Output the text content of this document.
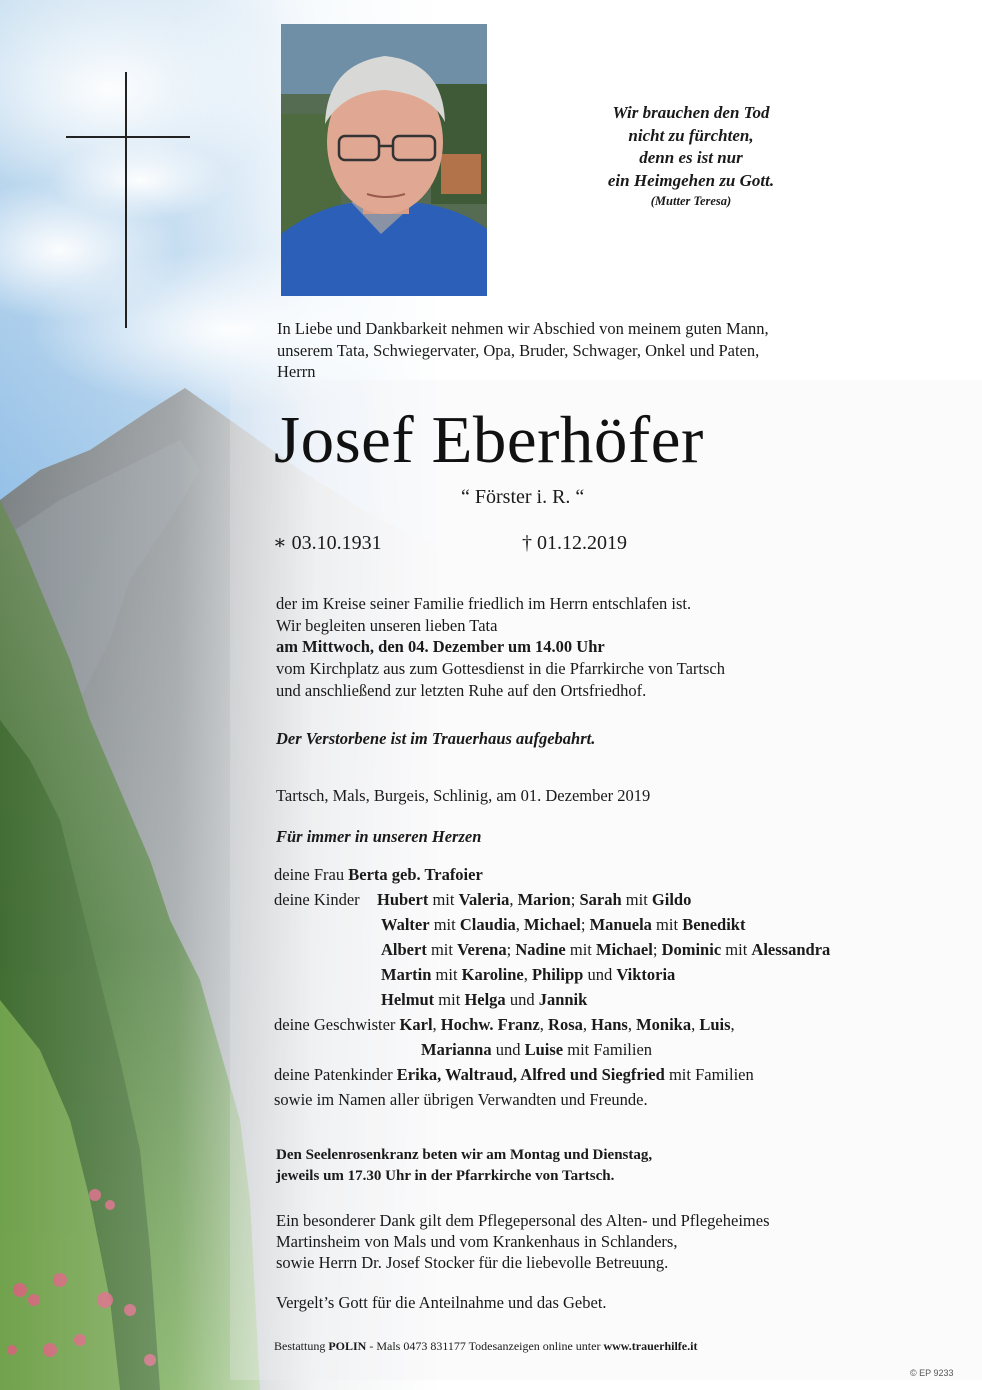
Wir brauchen den Tod
nicht zu fürchten,
denn es ist nur
ein Heimgehen zu Gott.
(Mutter Teresa)
In Liebe und Dankbarkeit nehmen wir Abschied von meinem guten Mann,
unserem Tata, Schwiegervater, Opa, Bruder, Schwager, Onkel und Paten,
Herrn
Josef Eberhöfer
“ Förster i. R. “
∗ 03.10.1931	† 01.12.2019
der im Kreise seiner Familie friedlich im Herrn entschlafen ist.
Wir begleiten unseren lieben Tata
am Mittwoch, den 04. Dezember um 14.00 Uhr
vom Kirchplatz aus zum Gottesdienst in die Pfarrkirche von Tartsch
und anschließend zur letzten Ruhe auf den Ortsfriedhof.
Der Verstorbene ist im Trauerhaus aufgebahrt.
Tartsch, Mals, Burgeis, Schlinig, am 01. Dezember 2019
Für immer in unseren Herzen
deine Frau Berta geb. Trafoier
deine Kinder Hubert mit Valeria, Marion; Sarah mit Gildo
Walter mit Claudia, Michael; Manuela mit Benedikt
Albert mit Verena; Nadine mit Michael; Dominic mit Alessandra
Martin mit Karoline, Philipp und Viktoria
Helmut mit Helga und Jannik
deine Geschwister Karl, Hochw. Franz, Rosa, Hans, Monika, Luis,
Marianna und Luise mit Familien
deine Patenkinder Erika, Waltraud, Alfred und Siegfried mit Familien
sowie im Namen aller übrigen Verwandten und Freunde.
Den Seelenrosenkranz beten wir am Montag und Dienstag,
jeweils um 17.30 Uhr in der Pfarrkirche von Tartsch.
Ein besonderer Dank gilt dem Pflegepersonal des Alten- und Pflegeheimes
Martinsheim von Mals und vom Krankenhaus in Schlanders,
sowie Herrn Dr. Josef Stocker für die liebevolle Betreuung.
Vergelt’s Gott für die Anteilnahme und das Gebet.
Bestattung POLIN - Mals 0473 831177 Todesanzeigen online unter www.trauerhilfe.it
© EP 9233
